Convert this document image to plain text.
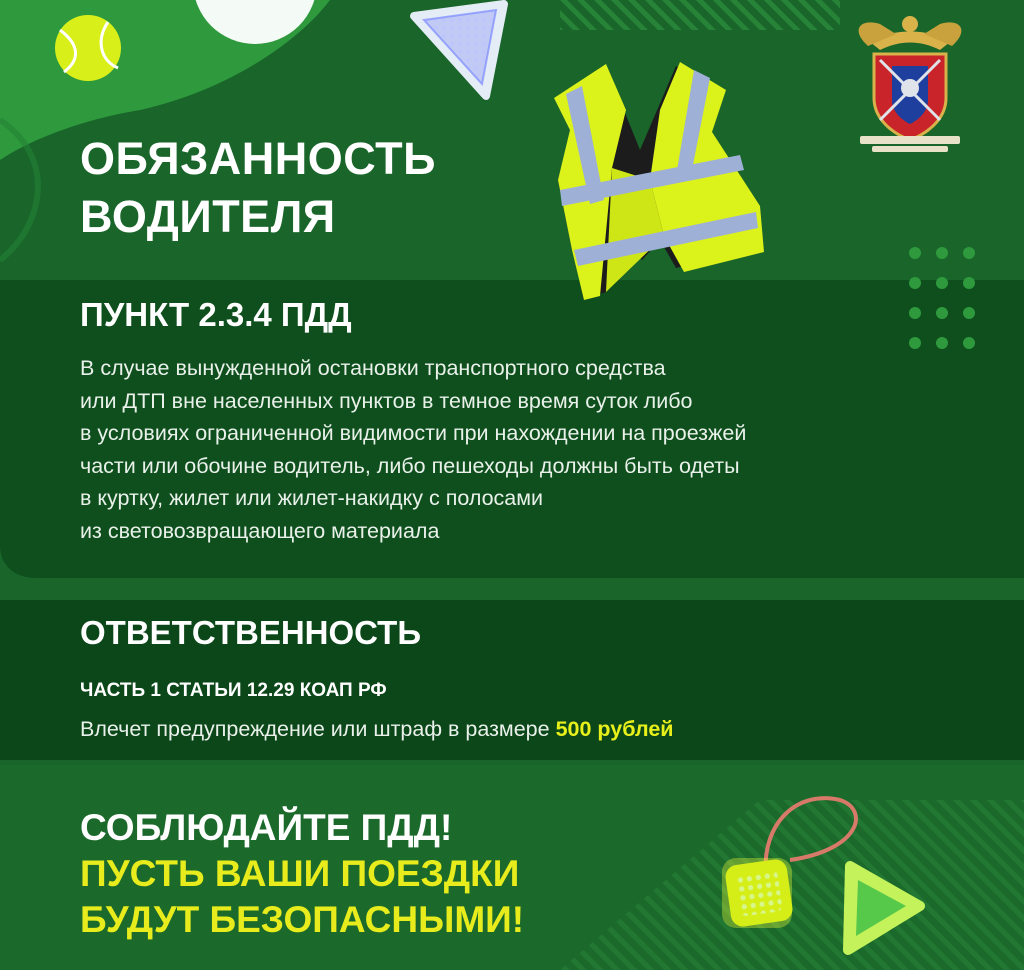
ОБЯЗАННОСТЬ
ВОДИТЕЛЯ
ПУНКТ 2.3.4 ПДД
В случае вынужденной остановки транспортного средства
или ДТП вне населенных пунктов в темное время суток либо
в условиях ограниченной видимости при нахождении на проезжей
части или обочине водитель, либо пешеходы должны быть одеты
в куртку, жилет или жилет-накидку с полосами
из световозвращающего материала
ОТВЕТСТВЕННОСТЬ
ЧАСТЬ 1 СТАТЬИ 12.29 КОАП РФ
Влечет предупреждение или штраф в размере 500 рублей
СОБЛЮДАЙТЕ ПДД!
ПУСТЬ ВАШИ ПОЕЗДКИ
БУДУТ БЕЗОПАСНЫМИ!
